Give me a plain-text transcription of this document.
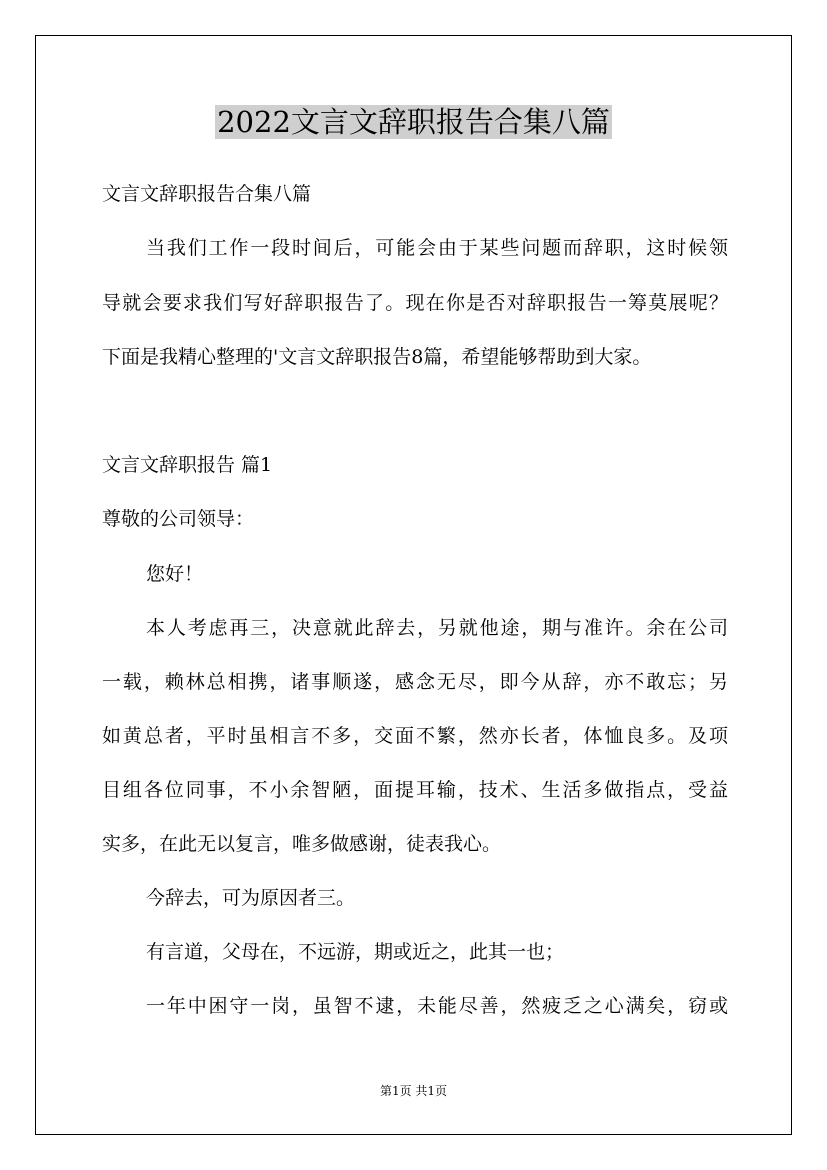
2022文言文辞职报告合集八篇
文言文辞职报告合集八篇
当我们工作一段时间后，可能会由于某些问题而辞职，这时候领
导就会要求我们写好辞职报告了。现在你是否对辞职报告一筹莫展呢？
下面是我精心整理的'文言文辞职报告8篇，希望能够帮助到大家。
文言文辞职报告 篇1
尊敬的公司领导：
您好！
本人考虑再三，决意就此辞去，另就他途，期与准许。余在公司
一载，赖林总相携，诸事顺遂，感念无尽，即今从辞，亦不敢忘；另
如黄总者，平时虽相言不多，交面不繁，然亦长者，体恤良多。及项
目组各位同事，不小余智陋，面提耳输，技术、生活多做指点，受益
实多，在此无以复言，唯多做感谢，徒表我心。
今辞去，可为原因者三。
有言道，父母在，不远游，期或近之，此其一也；
一年中困守一岗，虽智不逮，未能尽善，然疲乏之心满矣，窃或
第1页 共1页
